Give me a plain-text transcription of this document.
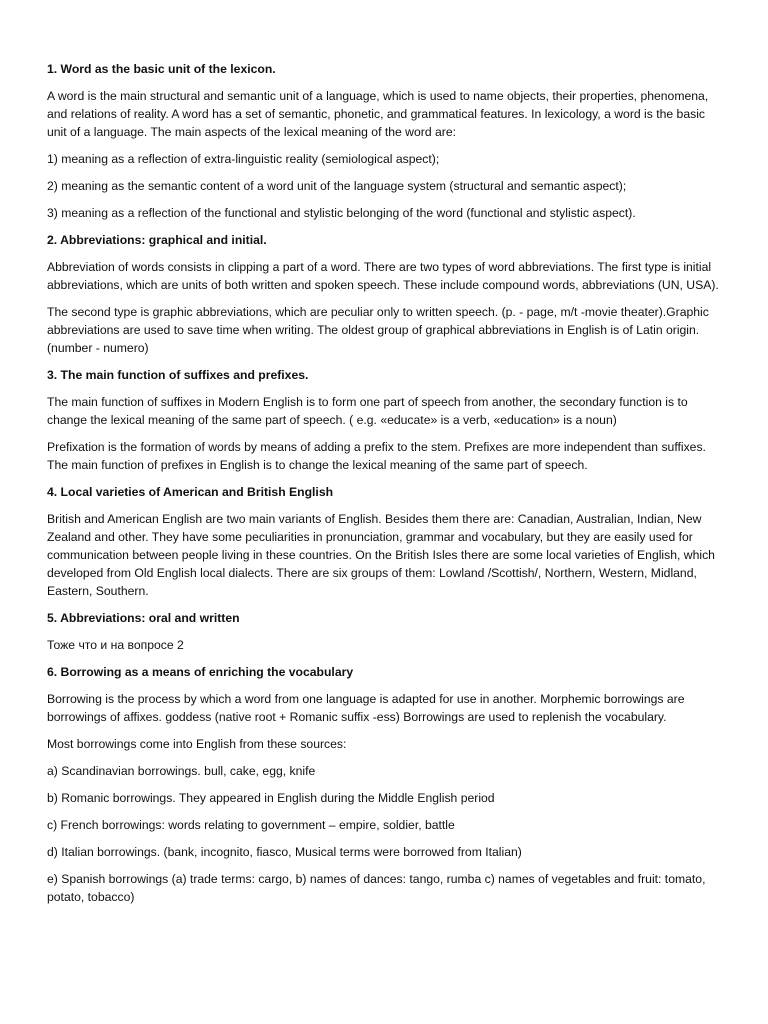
1. Word as the basic unit of the lexicon.
A word is the main structural and semantic unit of a language, which is used to name objects, their properties, phenomena, and relations of reality. A word has a set of semantic, phonetic, and grammatical features. In lexicology, a word is the basic unit of a language. The main aspects of the lexical meaning of the word are:
1) meaning as a reflection of extra-linguistic reality (semiological aspect);
2) meaning as the semantic content of a word unit of the language system (structural and semantic aspect);
3) meaning as a reflection of the functional and stylistic belonging of the word (functional and stylistic aspect).
2. Abbreviations: graphical and initial.
Abbreviation of words consists in clipping a part of a word. There are two types of word abbreviations. The first type is initial abbreviations, which are units of both written and spoken speech. These include compound words, abbreviations (UN, USA).
The second type is graphic abbreviations, which are peculiar only to written speech. (p. - page, m/t -movie theater).Graphic abbreviations are used to save time when writing. The oldest group of graphical abbreviations in English is of Latin origin. (number - numero)
3. The main function of suffixes and prefixes.
The main function of suffixes in Modern English is to form one part of speech from another, the secondary function is to change the lexical meaning of the same part of speech. ( e.g. «educate» is a verb, «education» is a noun)
Prefixation is the formation of words by means of adding a prefix to the stem. Prefixes are more independent than suffixes. The main function of prefixes in English is to change the lexical meaning of the same part of speech.
4. Local varieties of American and British English
British and American English are two main variants of English. Besides them there are: Canadian, Australian, Indian, New Zealand and other. They have some peculiarities in pronunciation, grammar and vocabulary, but they are easily used for communication between people living in these countries. On the British Isles there are some local varieties of English, which developed from Old English local dialects. There are six groups of them: Lowland /Scottish/, Northern, Western, Midland, Eastern, Southern.
5. Abbreviations: oral and written
Тоже что и на вопросе 2
6. Borrowing as a means of enriching the vocabulary
Borrowing is the process by which a word from one language is adapted for use in another. Morphemic borrowings are borrowings of affixes. goddess (native root + Romanic suffix -ess) Borrowings are used to replenish the vocabulary.
Most borrowings come into English from these sources:
a) Scandinavian borrowings. bull, cake, egg, knife
b) Romanic borrowings. They appeared in English during the Middle English period
c) French borrowings: words relating to government – empire, soldier, battle
d) Italian borrowings. (bank, incognito, fiasco, Musical terms were borrowed from Italian)
e) Spanish borrowings (a) trade terms: cargo, b) names of dances: tango, rumba c) names of vegetables and fruit: tomato, potato, tobacco)
